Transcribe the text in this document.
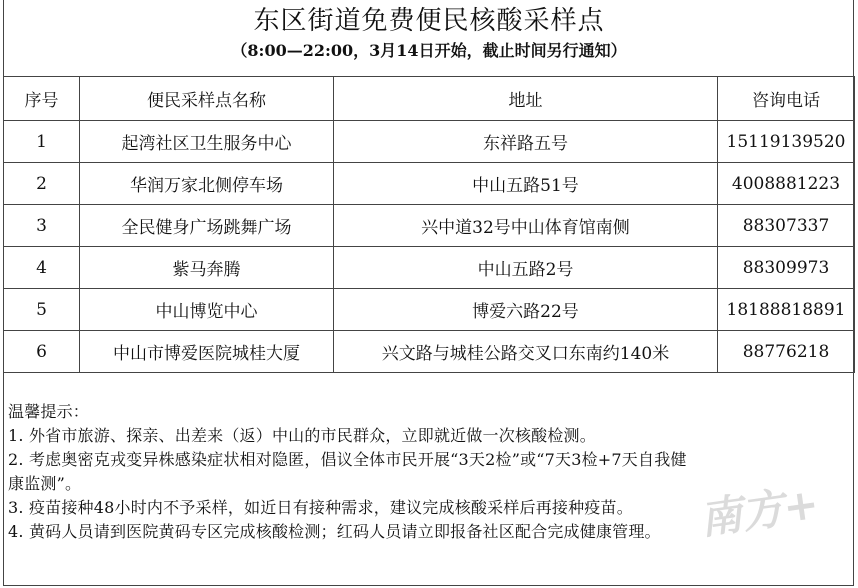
东区街道免费便民核酸采样点
（8:00—22:00，3月14日开始，截止时间另行通知）
序号	便民采样点名称	地址	咨询电话
1	起湾社区卫生服务中心	东祥路五号	15119139520
2	华润万家北侧停车场	中山五路51号	4008881223
3	全民健身广场跳舞广场	兴中道32号中山体育馆南侧	88307337
4	紫马奔腾	中山五路2号	88309973
5	中山博览中心	博爱六路22号	18188818891
6	中山市博爱医院城桂大厦	兴文路与城桂公路交叉口东南约140米	88776218
温馨提示：
1. 外省市旅游、探亲、出差来（返）中山的市民群众，立即就近做一次核酸检测。
2. 考虑奥密克戎变异株感染症状相对隐匿，倡议全体市民开展“3天2检”或“7天3检+7天自我健
康监测”。
3. 疫苗接种48小时内不予采样，如近日有接种需求，建议完成核酸采样后再接种疫苗。
4. 黄码人员请到医院黄码专区完成核酸检测；红码人员请立即报备社区配合完成健康管理。 南方+
